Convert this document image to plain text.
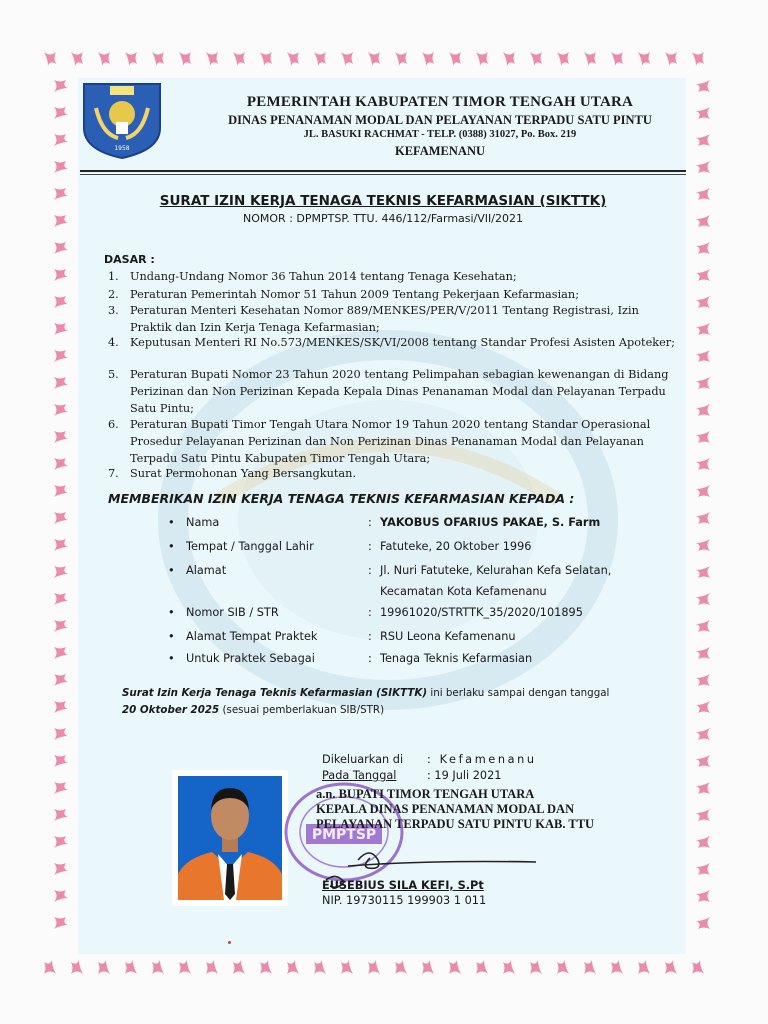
1958
PEMERINTAH KABUPATEN TIMOR TENGAH UTARA
DINAS PENANAMAN MODAL DAN PELAYANAN TERPADU SATU PINTU
JL. BASUKI RACHMAT - TELP. (0388) 31027, Po. Box. 219
KEFAMENANU
SURAT IZIN KERJA TENAGA TEKNIS KEFARMASIAN (SIKTTK)
NOMOR : DPMPTSP. TTU. 446/112/Farmasi/VII/2021
DASAR :
1. Undang-Undang Nomor 36 Tahun 2014 tentang Tenaga Kesehatan;
2. Peraturan Pemerintah Nomor 51 Tahun 2009 Tentang Pekerjaan Kefarmasian;
3. Peraturan Menteri Kesehatan Nomor 889/MENKES/PER/V/2011 Tentang Registrasi, Izin Praktik dan Izin Kerja Tenaga Kefarmasian;
4. Keputusan Menteri RI No.573/MENKES/SK/VI/2008 tentang Standar Profesi Asisten Apoteker;
5. Peraturan Bupati Nomor 23 Tahun 2020 tentang Pelimpahan sebagian kewenangan di Bidang Perizinan dan Non Perizinan Kepada Kepala Dinas Penanaman Modal dan Pelayanan Terpadu Satu Pintu;
6. Peraturan Bupati Timor Tengah Utara Nomor 19 Tahun 2020 tentang Standar Operasional Prosedur Pelayanan Perizinan dan Non Perizinan Dinas Penanaman Modal dan Pelayanan Terpadu Satu Pintu Kabupaten Timor Tengah Utara;
7. Surat Permohonan Yang Bersangkutan.
MEMBERIKAN IZIN KERJA TENAGA TEKNIS KEFARMASIAN KEPADA :
• Nama	: YAKOBUS OFARIUS PAKAE, S. Farm
• Tempat / Tanggal Lahir	: Fatuteke, 20 Oktober 1996
• Alamat	: Jl. Nuri Fatuteke, Kelurahan Kefa Selatan, Kecamatan Kota Kefamenanu
• Nomor SIB / STR	: 19961020/STRTTK_35/2020/101895
• Alamat Tempat Praktek	: RSU Leona Kefamenanu
• Untuk Praktek Sebagai	: Tenaga Teknis Kefarmasian
Surat Izin Kerja Tenaga Teknis Kefarmasian (SIKTTK) ini berlaku sampai dengan tanggal
20 Oktober 2025 (sesuai pemberlakuan SIB/STR)
Dikeluarkan di : Kefamenanu
Pada Tanggal	: 19 Juli 2021
PMPTSP
a.n. BUPATI TIMOR TENGAH UTARA
KEPALA DINAS PENANAMAN MODAL DAN
PELAYANAN TERPADU SATU PINTU KAB. TTU
EUSEBIUS SILA KEFI, S.Pt
NIP. 19730115 199903 1 011
